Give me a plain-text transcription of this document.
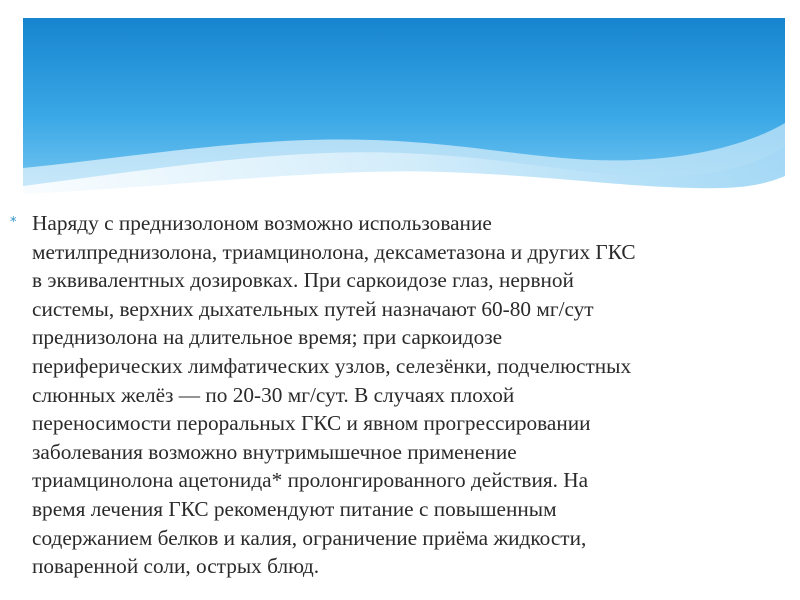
* Наряду с преднизолоном возможно использование
метилпреднизолона, триамцинолона, дексаметазона и других ГКС
в эквивалентных дозировках. При саркоидозе глаз, нервной
системы, верхних дыхательных путей назначают 60-80 мг/сут
преднизолона на длительное время; при саркоидозе
периферических лимфатических узлов, селезёнки, подчелюстных
слюнных желёз — по 20-30 мг/сут. В случаях плохой
переносимости пероральных ГКС и явном прогрессировании
заболевания возможно внутримышечное применение
триамцинолона ацетонида* пролонгированного действия. На
время лечения ГКС рекомендуют питание с повышенным
содержанием белков и калия, ограничение приёма жидкости,
поваренной соли, острых блюд.
